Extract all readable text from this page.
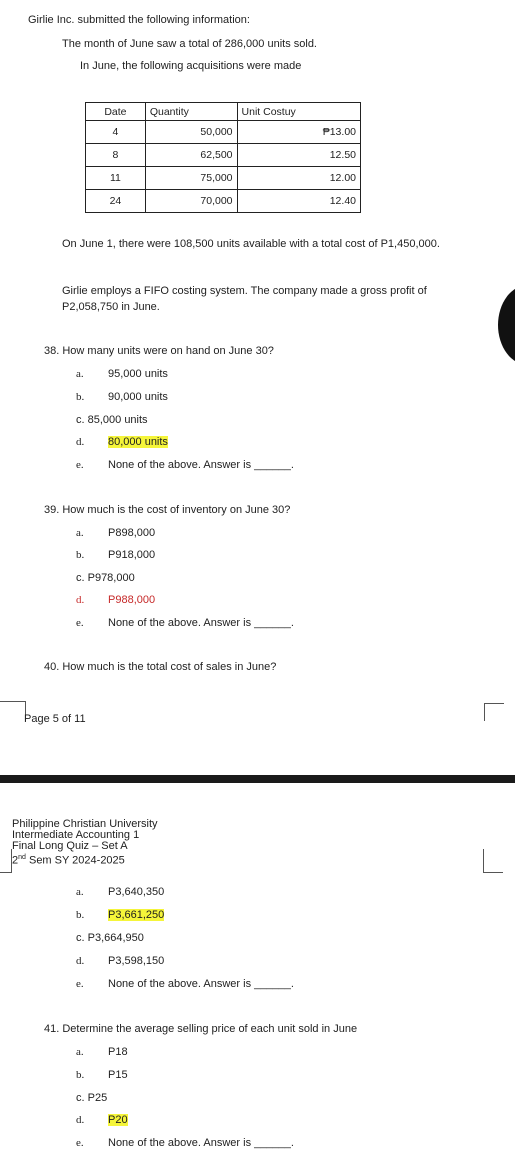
Girlie Inc. submitted the following information:
The month of June saw a total of 286,000 units sold.
In June, the following acquisitions were made
Date	Quantity	Unit Costuy
4	50,000	₱13.00
8	62,500	12.50
11	75,000	12.00
24	70,000	12.40
On June 1, there were 108,500 units available with a total cost of P1,450,000.
Girlie employs a FIFO costing system. The company made a gross profit of
P2,058,750 in June.
38. How many units were on hand on June 30?
a. 95,000 units
b. 90,000 units
c. 85,000 units
d. 80,000 units
e. None of the above. Answer is ______.
39. How much is the cost of inventory on June 30?
a. P898,000
b. P918,000
c. P978,000
d. P988,000
e. None of the above. Answer is ______.
40. How much is the total cost of sales in June?
Page 5 of 11
Philippine Christian University
Intermediate Accounting 1
Final Long Quiz – Set A
2nd Sem SY 2024-2025
a. P3,640,350
b. P3,661,250
c. P3,664,950
d. P3,598,150
e. None of the above. Answer is ______.
41. Determine the average selling price of each unit sold in June
a. P18
b. P15
c. P25
d. P20
e. None of the above. Answer is ______.
